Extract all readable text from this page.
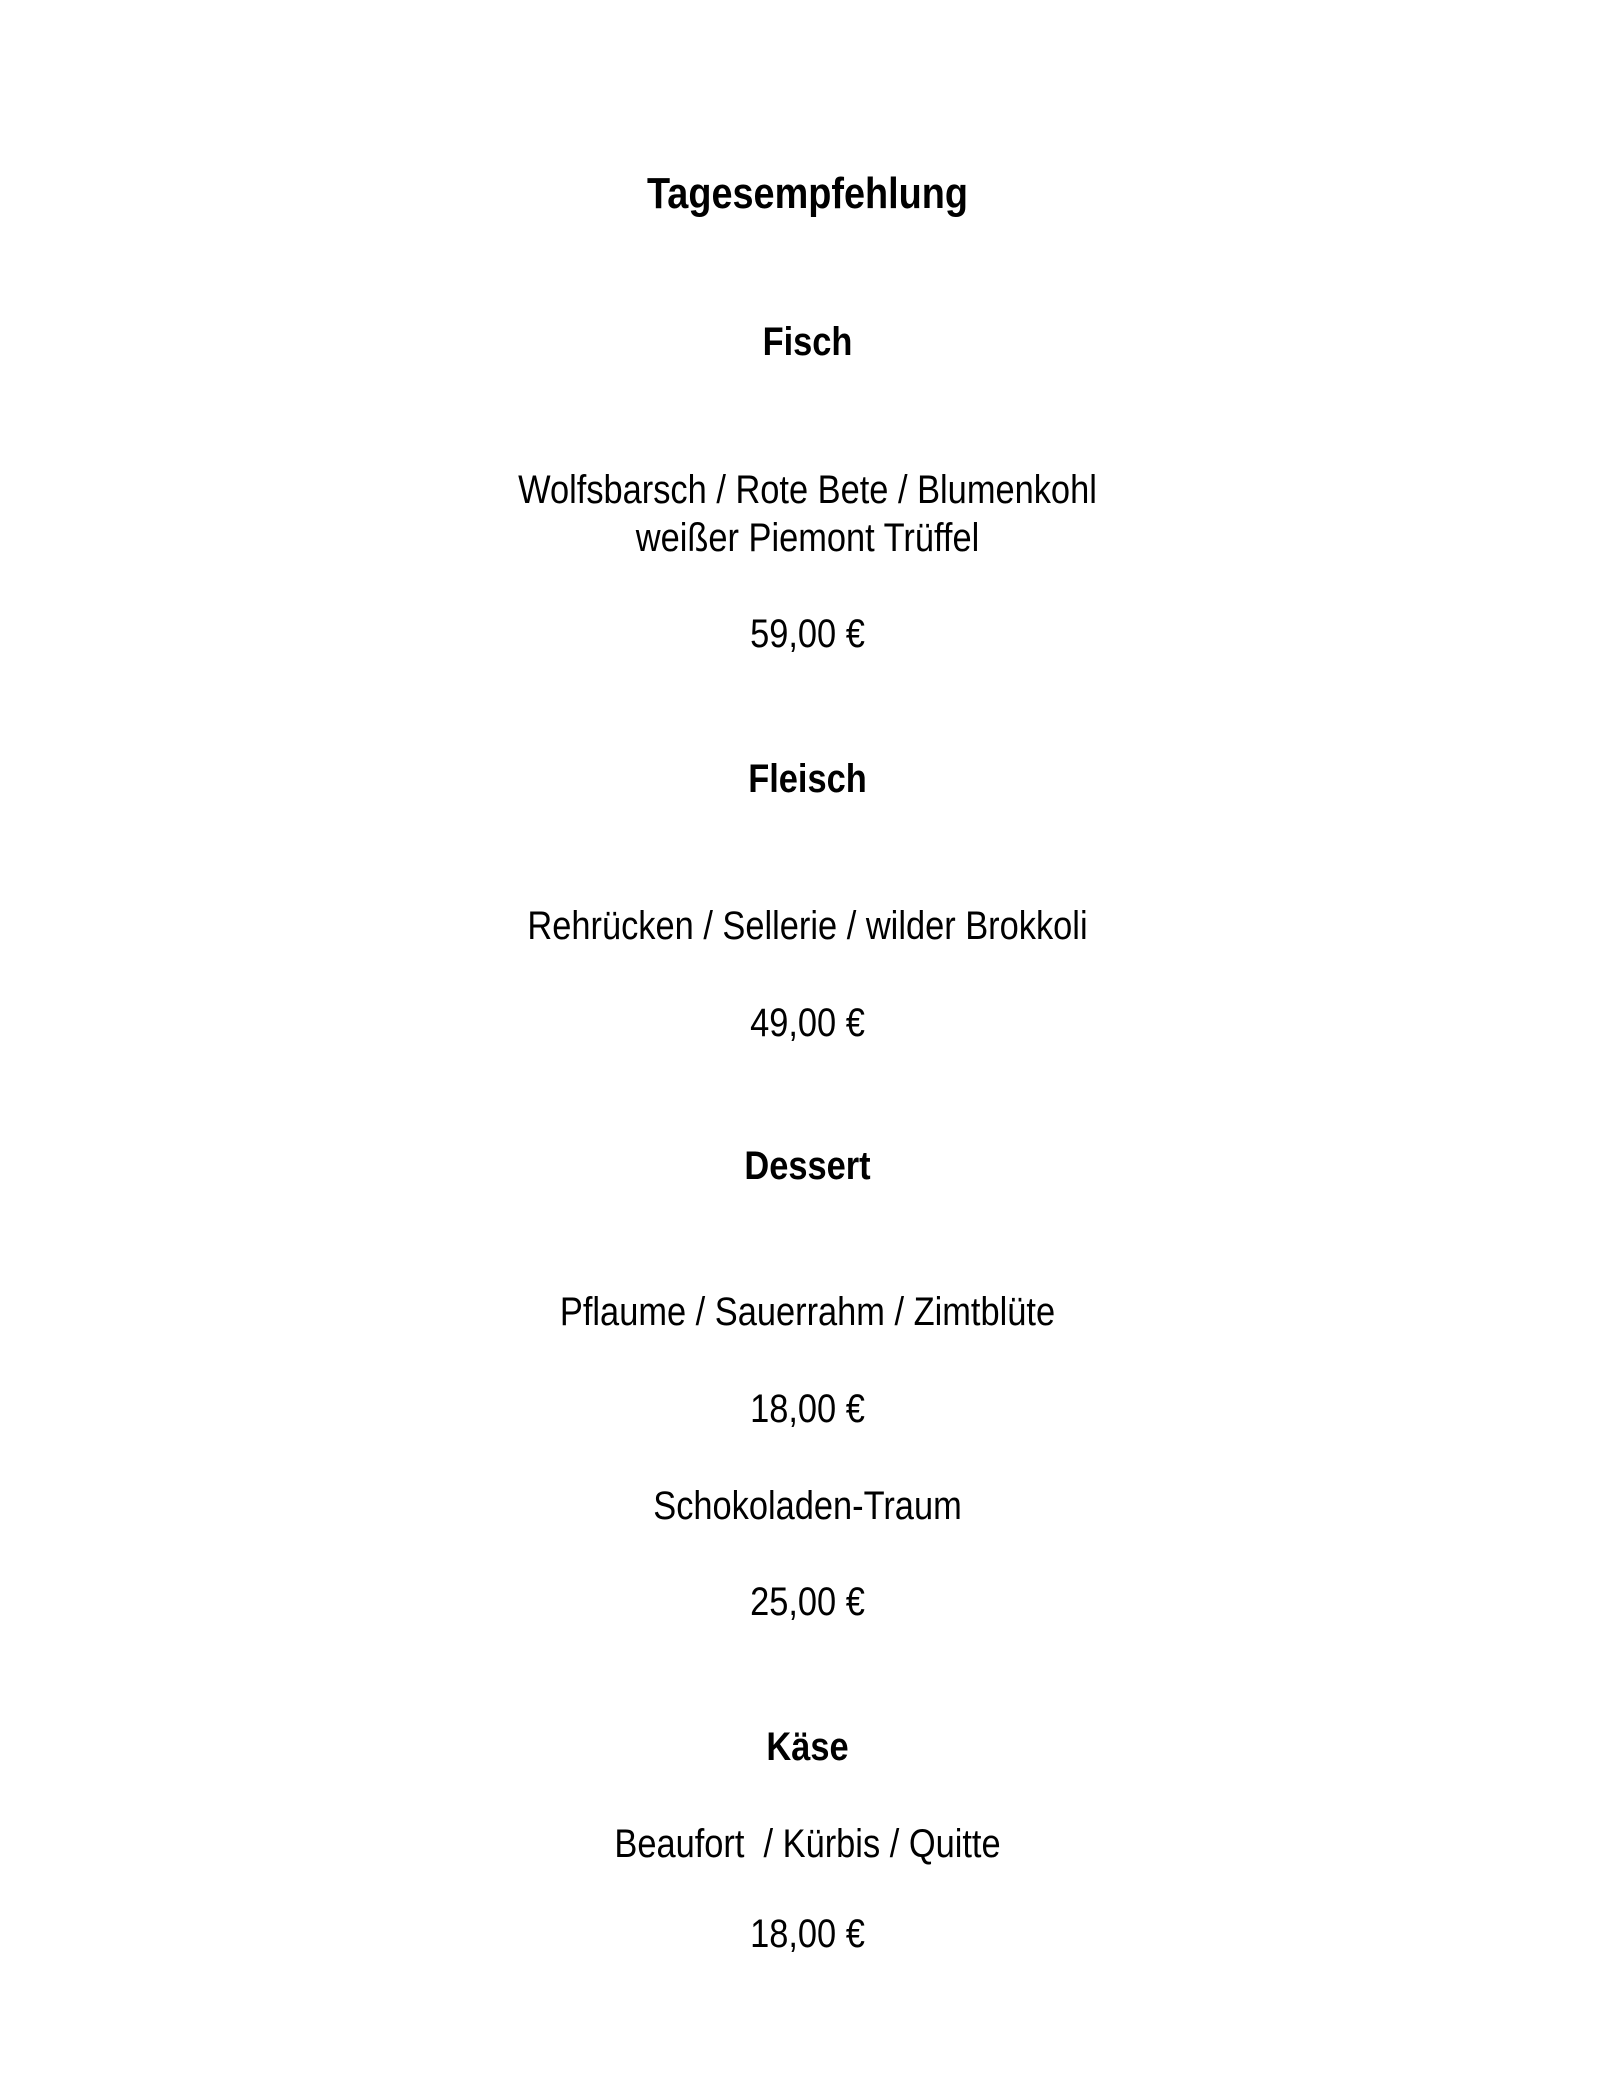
Tagesempfehlung
Fisch
Wolfsbarsch / Rote Bete / Blumenkohl
weißer Piemont Trüffel
59,00 €
Fleisch
Rehrücken / Sellerie / wilder Brokkoli
49,00 €
Dessert
Pflaume / Sauerrahm / Zimtblüte
18,00 €
Schokoladen-Traum
25,00 €
Käse
Beaufort  / Kürbis / Quitte
18,00 €
